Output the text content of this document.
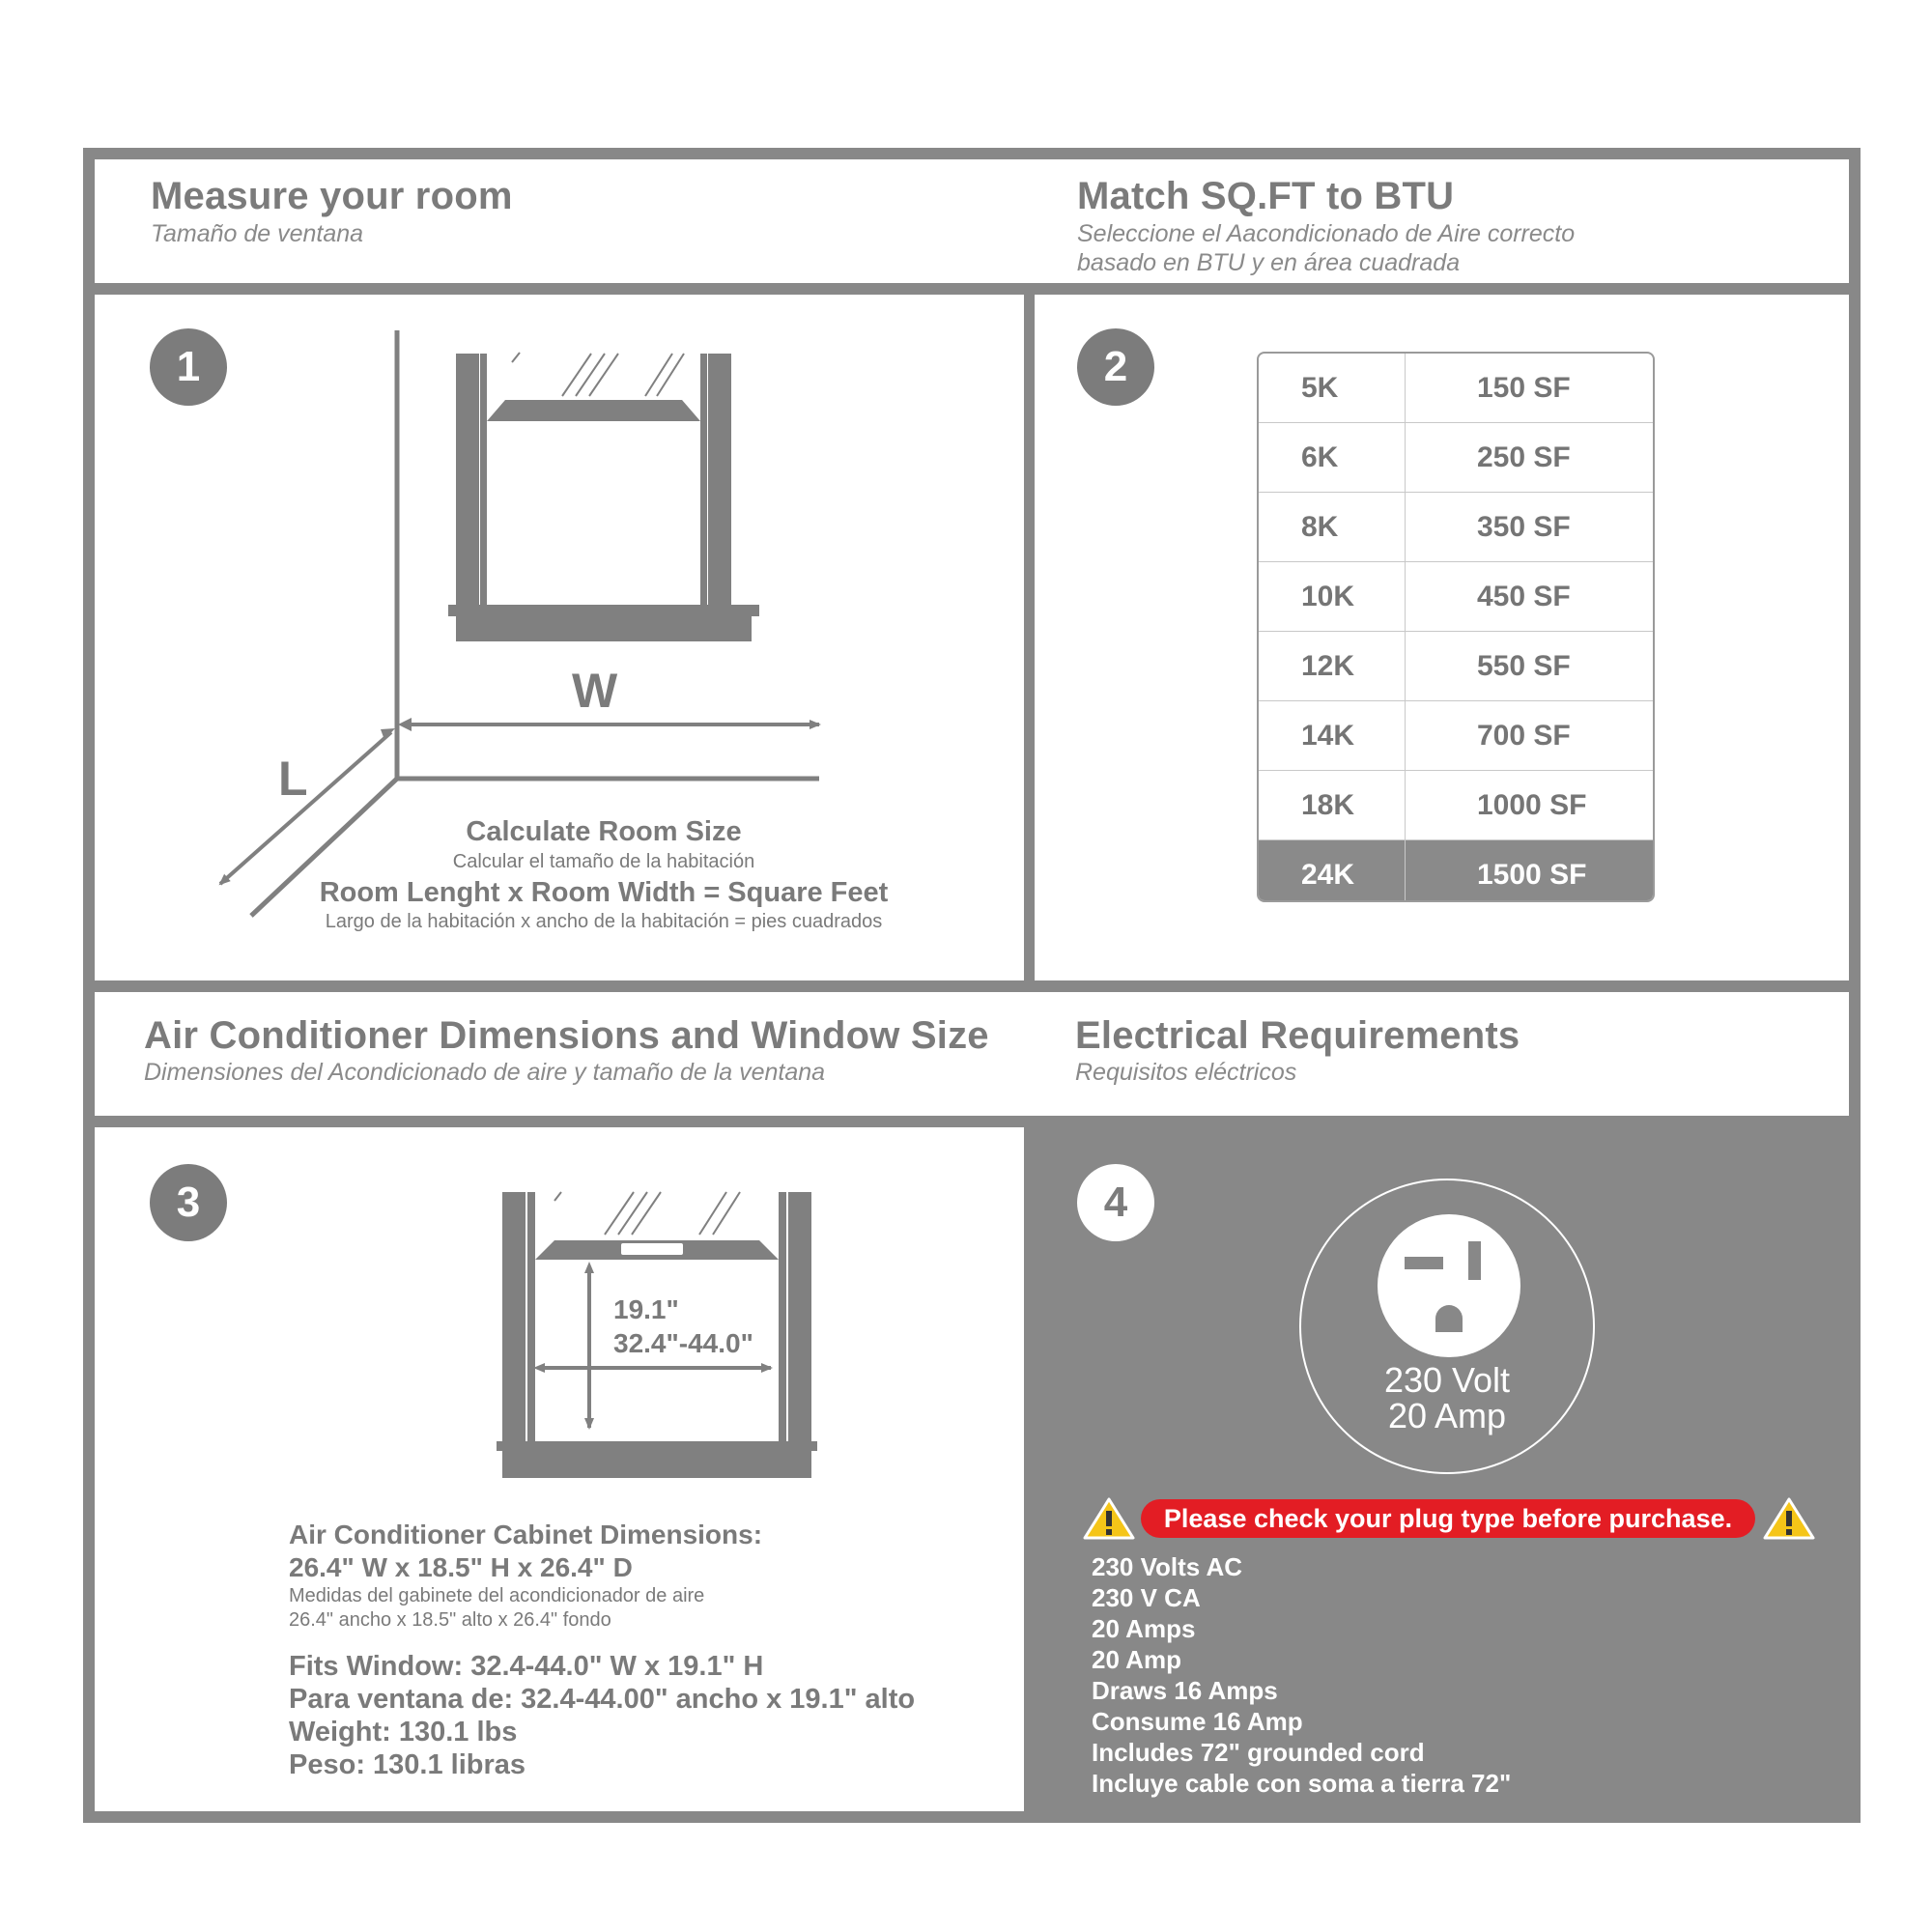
Measure your room
Tamaño de ventana
Match SQ.FT to BTU
Seleccione el Aacondicionado de Aire correcto
basado en BTU y en área cuadrada
1
W
L
Calculate Room Size
Calcular el tamaño de la habitación
Room Lenght x Room Width = Square Feet
Largo de la habitación x ancho de la habitación = pies cuadrados
2	5K	150 SF
6K	250 SF
8K	350 SF
10K	450 SF
12K	550 SF
14K	700 SF
18K	1000 SF
24K	1500 SF
Air Conditioner Dimensions and Window Size
Dimensiones del Acondicionado de aire y tamaño de la ventana
Electrical Requirements
Requisitos eléctricos
3
19.1"
32.4"-44.0"
Air Conditioner Cabinet Dimensions:
26.4" W x 18.5" H x 26.4" D
Medidas del gabinete del acondicionador de aire
26.4" ancho x 18.5" alto x 26.4" fondo
Fits Window: 32.4-44.0" W x 19.1" H
Para ventana de: 32.4-44.00" ancho x 19.1" alto
Weight: 130.1 lbs
Peso: 130.1 libras
4
230 Volt
20 Amp
Please check your plug type before purchase.
230 Volts AC
230 V CA
20 Amps
20 Amp
Draws 16 Amps
Consume 16 Amp
Includes 72" grounded cord
Incluye cable con soma a tierra 72"
